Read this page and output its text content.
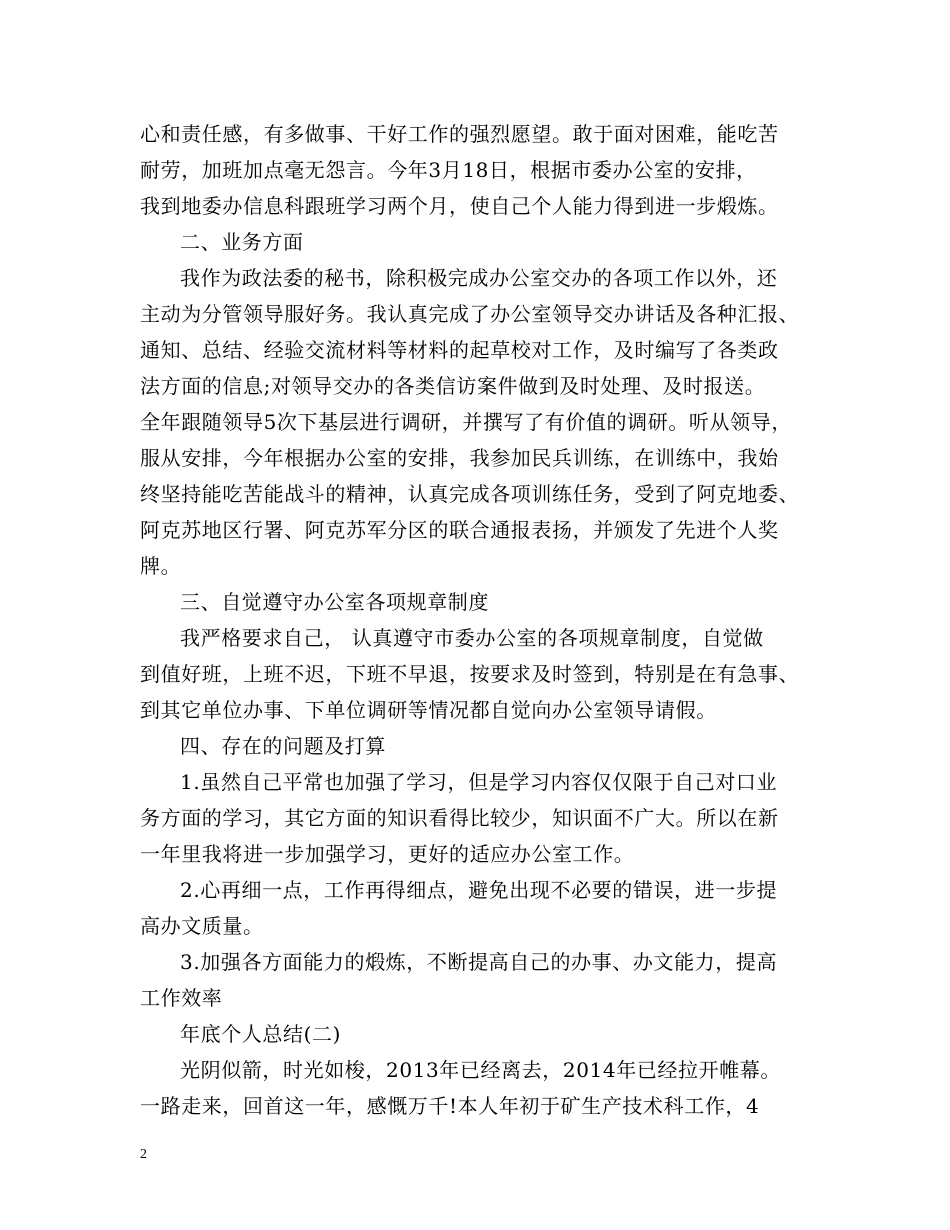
心和责任感，有多做事、干好工作的强烈愿望。敢于面对困难，能吃苦
耐劳，加班加点毫无怨言。今年3月18日，根据市委办公室的安排，
我到地委办信息科跟班学习两个月，使自己个人能力得到进一步煅炼。
二、业务方面
我作为政法委的秘书，除积极完成办公室交办的各项工作以外，还
主动为分管领导服好务。我认真完成了办公室领导交办讲话及各种汇报、
通知、总结、经验交流材料等材料的起草校对工作，及时编写了各类政
法方面的信息;对领导交办的各类信访案件做到及时处理、及时报送。
全年跟随领导5次下基层进行调研，并撰写了有价值的调研。听从领导，
服从安排，今年根据办公室的安排，我参加民兵训练，在训练中，我始
终坚持能吃苦能战斗的精神，认真完成各项训练任务，受到了阿克地委、
阿克苏地区行署、阿克苏军分区的联合通报表扬，并颁发了先进个人奖
牌。
三、自觉遵守办公室各项规章制度
我严格要求自己， 认真遵守市委办公室的各项规章制度，自觉做
到值好班，上班不迟，下班不早退，按要求及时签到，特别是在有急事、
到其它单位办事、下单位调研等情况都自觉向办公室领导请假。
四、存在的问题及打算
1.虽然自己平常也加强了学习，但是学习内容仅仅限于自己对口业
务方面的学习，其它方面的知识看得比较少，知识面不广大。所以在新
一年里我将进一步加强学习，更好的适应办公室工作。
2.心再细一点，工作再得细点，避免出现不必要的错误，进一步提
高办文质量。
3.加强各方面能力的煅炼，不断提高自己的办事、办文能力，提高
工作效率
年底个人总结(二)
光阴似箭，时光如梭，2013年已经离去，2014年已经拉开帷幕。
一路走来，回首这一年，感慨万千!本人年初于矿生产技术科工作，4
2
